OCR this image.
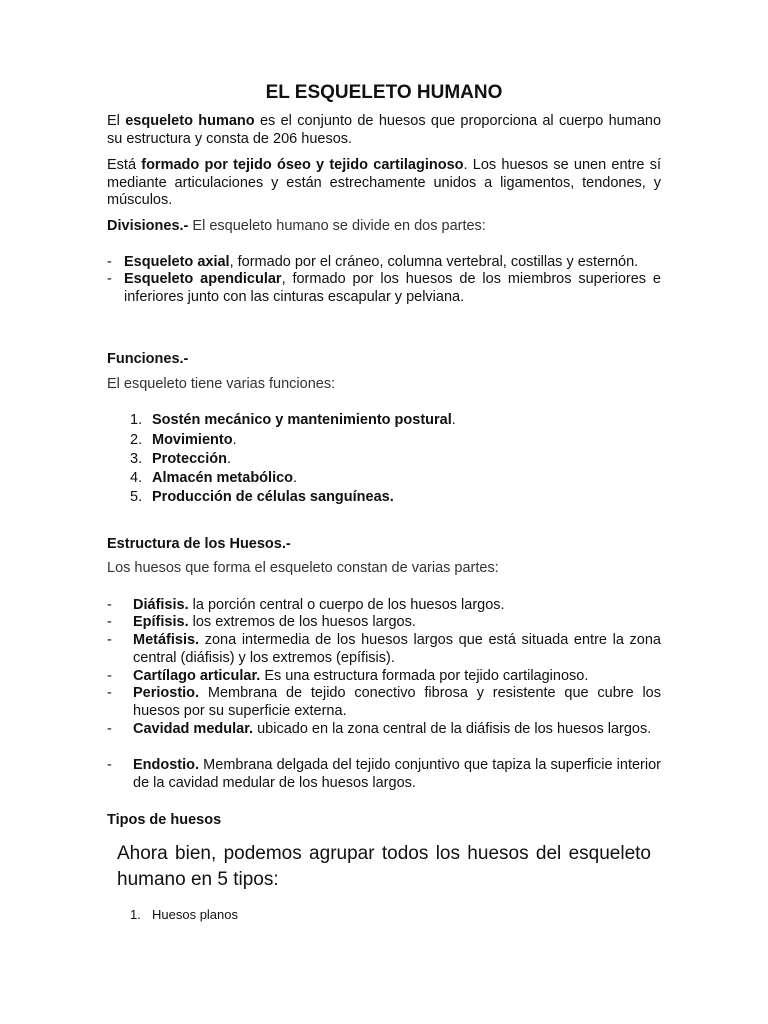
EL ESQUELETO HUMANO

El esqueleto humano es el conjunto de huesos que proporciona al cuerpo humano su estructura y consta de 206 huesos.

Está formado por tejido óseo y tejido cartilaginoso. Los huesos se unen entre sí mediante articulaciones y están estrechamente unidos a ligamentos, tendones, y músculos.

Divisiones.- El esqueleto humano se divide en dos partes:

- Esqueleto axial, formado por el cráneo, columna vertebral, costillas y esternón.
- Esqueleto apendicular, formado por los huesos de los miembros superiores e inferiores junto con las cinturas escapular y pelviana.
Funciones.-
El esqueleto tiene varias funciones:
1. Sostén mecánico y mantenimiento postural.
2. Movimiento.
3. Protección.
4. Almacén metabólico.
5. Producción de células sanguíneas.
Estructura de los Huesos.-
Los huesos que forma el esqueleto constan de varias partes:
-	Diáfisis. la porción central o cuerpo de los huesos largos.
-	Epífisis. los extremos de los huesos largos.
-	Metáfisis. zona intermedia de los huesos largos que está situada entre la zona central (diáfisis) y los extremos (epífisis).
-	Cartílago articular. Es una estructura formada por tejido cartilaginoso.
-	Periostio. Membrana de tejido conectivo fibrosa y resistente que cubre los huesos por su superficie externa.
-	Cavidad medular. ubicado en la zona central de la diáfisis de los huesos largos.
-	Endostio. Membrana delgada del tejido conjuntivo que tapiza la superficie interior de la cavidad medular de los huesos largos.
Tipos de huesos

Ahora bien, podemos agrupar todos los huesos del esqueleto humano en 5 tipos:

1. Huesos planos
